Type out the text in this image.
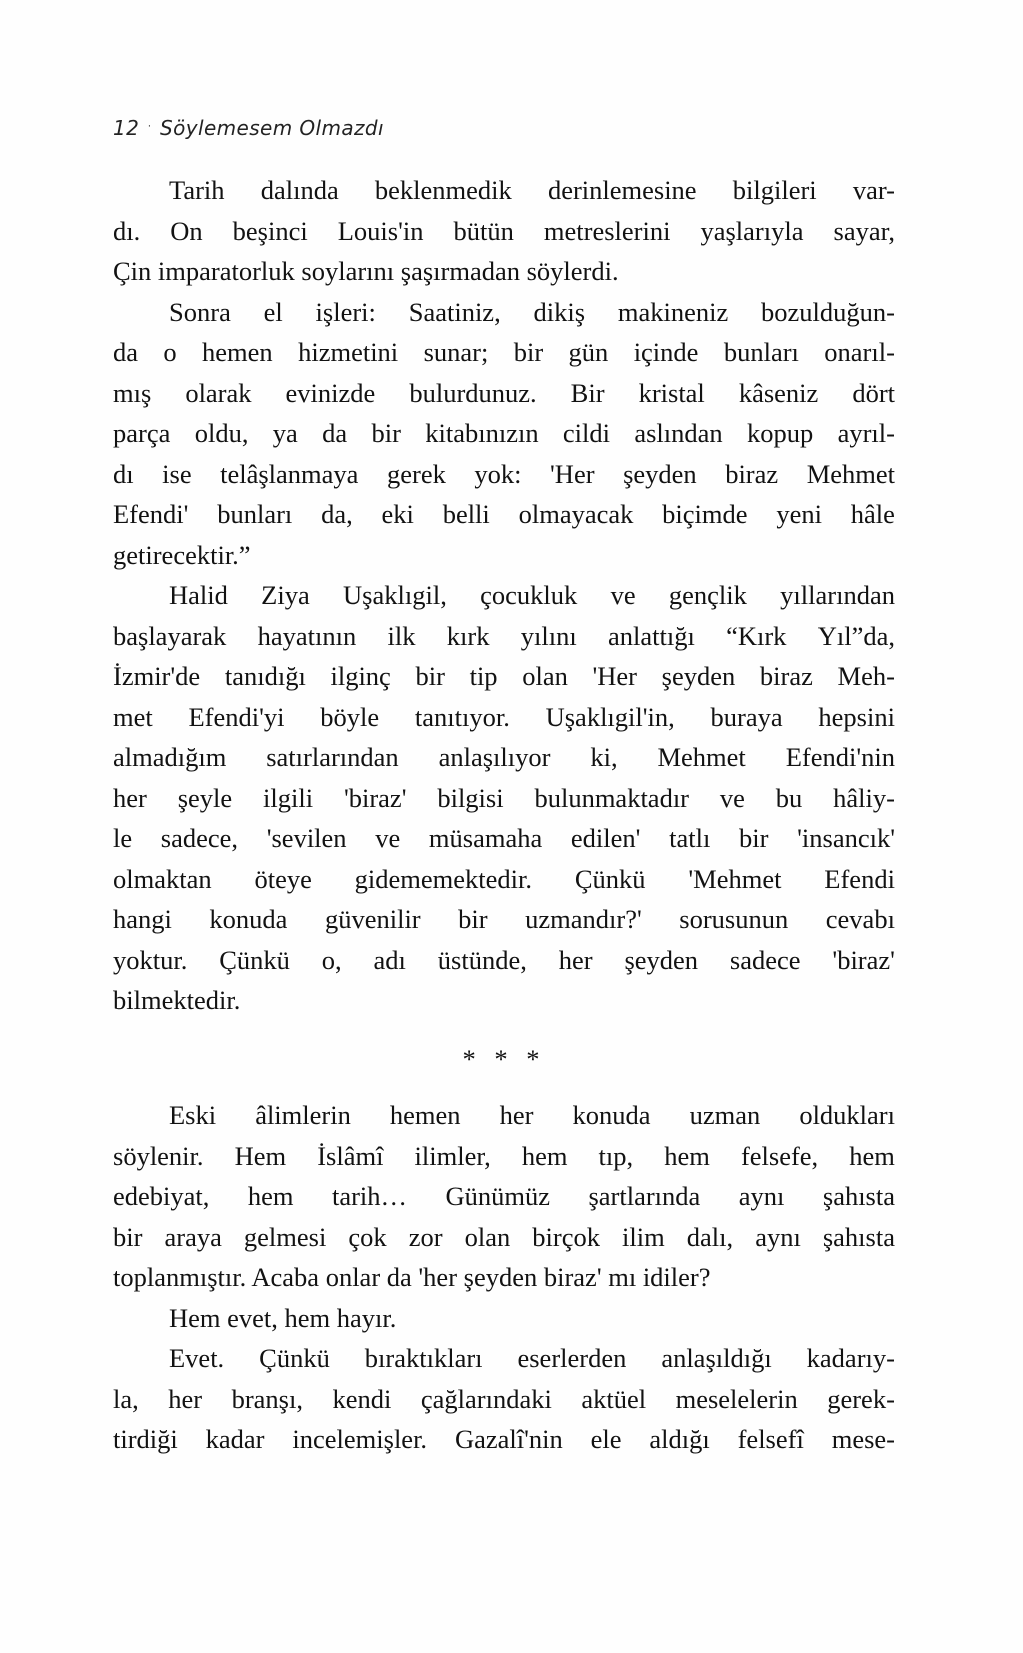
12 · Söylemesem Olmazdı
Tarih dalında beklenmedik derinlemesine bilgileri var-
dı. On beşinci Louis'in bütün metreslerini yaşlarıyla sayar,
Çin imparatorluk soylarını şaşırmadan söylerdi.
Sonra el işleri: Saatiniz, dikiş makineniz bozulduğun-
da o hemen hizmetini sunar; bir gün içinde bunları onarıl-
mış olarak evinizde bulurdunuz. Bir kristal kâseniz dört
parça oldu, ya da bir kitabınızın cildi aslından kopup ayrıl-
dı ise telâşlanmaya gerek yok: 'Her şeyden biraz Mehmet
Efendi' bunları da, eki belli olmayacak biçimde yeni hâle
getirecektir.”
Halid Ziya Uşaklıgil, çocukluk ve gençlik yıllarından
başlayarak hayatının ilk kırk yılını anlattığı “Kırk Yıl”da,
İzmir'de tanıdığı ilginç bir tip olan 'Her şeyden biraz Meh-
met Efendi'yi böyle tanıtıyor. Uşaklıgil'in, buraya hepsini
almadığım satırlarından anlaşılıyor ki, Mehmet Efendi'nin
her şeyle ilgili 'biraz' bilgisi bulunmaktadır ve bu hâliy-
le sadece, 'sevilen ve müsamaha edilen' tatlı bir 'insancık'
olmaktan öteye gidememektedir. Çünkü 'Mehmet Efendi
hangi konuda güvenilir bir uzmandır?' sorusunun cevabı
yoktur. Çünkü o, adı üstünde, her şeyden sadece 'biraz'
bilmektedir.
* * *
Eski âlimlerin hemen her konuda uzman oldukları
söylenir. Hem İslâmî ilimler, hem tıp, hem felsefe, hem
edebiyat, hem tarih… Günümüz şartlarında aynı şahısta
bir araya gelmesi çok zor olan birçok ilim dalı, aynı şahısta
toplanmıştır. Acaba onlar da 'her şeyden biraz' mı idiler?
Hem evet, hem hayır.
Evet. Çünkü bıraktıkları eserlerden anlaşıldığı kadarıy-
la, her branşı, kendi çağlarındaki aktüel meselelerin gerek-
tirdiği kadar incelemişler. Gazalî'nin ele aldığı felsefî mese-
